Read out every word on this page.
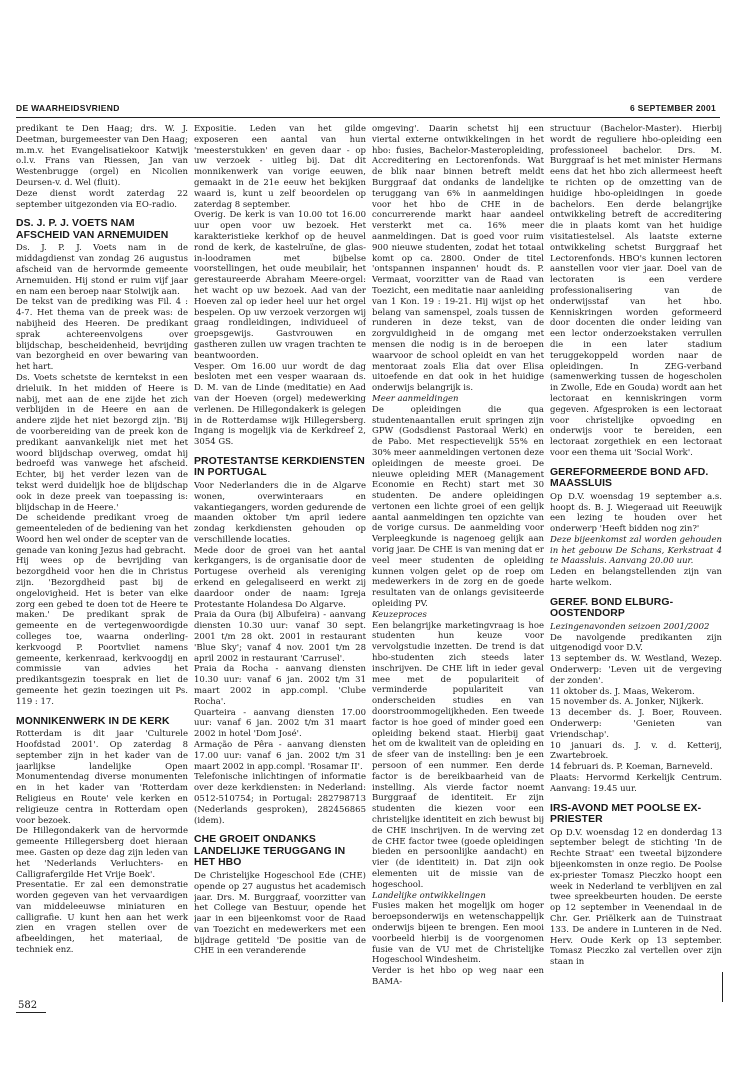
DE WAARHEIDSVRIEND	6 SEPTEMBER 2001

predikant te Den Haag; drs. W. J. Deetman, burgemeester van Den Haag; m.m.v. het Evangelisatiekoor Katwijk o.l.v. Frans van Riessen, Jan van Westenbrugge (orgel) en Nicolien Deursen-v. d. Wel (fluit).

Deze dienst wordt zaterdag 22 september uitgezonden via EO-radio.

DS. J. P. J. VOETS NAM AFSCHEID VAN ARNEMUIDEN

Ds. J. P. J. Voets nam in de middagdienst van zondag 26 augustus afscheid van de hervormde gemeente Arnemuiden. Hij stond er ruim vijf jaar en nam een beroep naar Stolwijk aan.

De tekst van de prediking was Fil. 4 : 4-7. Het thema van de preek was: de nabijheid des Heeren. De predikant sprak achtereenvolgens over blijdschap, bescheidenheid, bevrijding van bezorgheid en over bewaring van het hart.

Ds. Voets schetste de kerntekst in een drieluik. In het midden of Heere is nabij, met aan de ene zijde het zich verblijden in de Heere en aan de andere zijde het niet bezorgd zijn. 'Bij de voorbereiding van de preek kon de predikant aanvankelijk niet met het woord blijdschap overweg, omdat hij bedroefd was vanwege het afscheid. Echter, bij het verder lezen van de tekst werd duidelijk hoe de blijdschap ook in deze preek van toepassing is: blijdschap in de Heere.'

De scheidende predikant vroeg de gemeenteleden of de bediening van het Woord hen wel onder de scepter van de genade van koning Jezus had gebracht.

Hij wees op de bevrijding van bezorgdheid voor hen die in Christus zijn. 'Bezorgdheid past bij de ongelovigheid. Het is beter van elke zorg een gebed te doen tot de Heere te maken.' De predikant sprak de gemeente en de vertegenwoordigde colleges toe, waarna onderling-kerkvoogd P. Poortvliet namens gemeente, kerkenraad, kerkvoogdij en commissie van advies het predikantsgezin toesprak en liet de gemeente het gezin toezingen uit Ps. 119 : 17.

MONNIKENWERK IN DE KERK

Rotterdam is dit jaar 'Culturele Hoofdstad 2001'. Op zaterdag 8 september zijn in het kader van de jaarlijkse landelijke Open Monumentendag diverse monumenten en in het kader van 'Rotterdam Religieus en Route' vele kerken en religieuze centra in Rotterdam open voor bezoek.

De Hillegondakerk van de hervormde gemeente Hillegersberg doet hieraan mee. Gasten op deze dag zijn leden van het 'Nederlands Verluchters- en Calligrafergilde Het Vrije Boek'.

Presentatie. Er zal een demonstratie worden gegeven van het vervaardigen van middeleeuwse miniaturen en calligrafie. U kunt hen aan het werk zien en vragen stellen over de afbeeldingen, het materiaal, de techniek enz.

Expositie. Leden van het gilde exposeren een aantal van hun 'meesterstukken' en geven daar - op uw verzoek - uitleg bij. Dat dit monnikenwerk van vorige eeuwen, gemaakt in de 21e eeuw het bekijken waard is, kunt u zelf beoordelen op zaterdag 8 september.

Overig. De kerk is van 10.00 tot 16.00 uur open voor uw bezoek. Het karakteristieke kerkhof op de heuvel rond de kerk, de kastelruïne, de glas-in-loodramen met bijbelse voorstellingen, het oude meubilair, het gerestaureerde Abraham Meere-orgel: het wacht op uw bezoek. Aad van der Hoeven zal op ieder heel uur het orgel bespelen. Op uw verzoek verzorgen wij graag rondleidingen, individueel of groepsgewijs. Gastvrouwen en gastheren zullen uw vragen trachten te beantwoorden.

Vesper. Om 16.00 uur wordt de dag besloten met een vesper waaraan ds. D. M. van de Linde (meditatie) en Aad van der Hoeven (orgel) medewerking verlenen. De Hillegondakerk is gelegen in de Rotterdamse wijk Hillegersberg. Ingang is mogelijk via de Kerkdreef 2, 3054 GS.

PROTESTANTSE KERKDIENSTEN IN PORTUGAL

Voor Nederlanders die in de Algarve wonen, overwinteraars en vakantiegangers, worden gedurende de maanden oktober t/m april iedere zondag kerkdiensten gehouden op verschillende locaties.

Mede door de groei van het aantal kerkgangers, is de organisatie door de Portugese overheid als vereniging erkend en gelegaliseerd en werkt zij daardoor onder de naam: Igreja Protestante Holandesa Do Algarve.

Praia da Oura (bij Albufeira) - aanvang diensten 10.30 uur: vanaf 30 sept. 2001 t/m 28 okt. 2001 in restaurant 'Blue Sky'; vanaf 4 nov. 2001 t/m 28 april 2002 in restaurant 'Carrusel'.

Praia da Rocha - aanvang diensten 10.30 uur: vanaf 6 jan. 2002 t/m 31 maart 2002 in app.compl. 'Clube Rocha'.

Quarteira - aanvang diensten 17.00 uur: vanaf 6 jan. 2002 t/m 31 maart 2002 in hotel 'Dom José'.

Armação de Pêra - aanvang diensten 17.00 uur: vanaf 6 jan. 2002 t/m 31 maart 2002 in app.compl. 'Rosamar II'.

Telefonische inlichtingen of informatie over deze kerkdiensten: in Nederland: 0512-510754; in Portugal: 282798713 (Nederlands gesproken), 282456865 (idem).

CHE GROEIT ONDANKS LANDELIJKE TERUGGANG IN HET HBO

De Christelijke Hogeschool Ede (CHE) opende op 27 augustus het academisch jaar. Drs. M. Burggraaf, voorzitter van het College van Bestuur, opende het jaar in een bijeenkomst voor de Raad van Toezicht en medewerkers met een bijdrage getiteld 'De positie van de CHE in een veranderende

omgeving'. Daarin schetst hij een viertal externe ontwikkelingen in het hbo: fusies, Bachelor-Masteropleiding, Accreditering en Lectorenfonds. Wat de blik naar binnen betreft meldt Burggraaf dat ondanks de landelijke teruggang van 6% in aanmeldingen voor het hbo de CHE in de concurrerende markt haar aandeel versterkt met ca. 16% meer aanmeldingen. Dat is goed voor ruim 900 nieuwe studenten, zodat het totaal komt op ca. 2800. Onder de titel 'ontspannen inspannen' houdt ds. P. Vermaat, voorzitter van de Raad van Toezicht, een meditatie naar aanleiding van 1 Kon. 19 : 19-21. Hij wijst op het belang van samenspel, zoals tussen de runderen in deze tekst, van de zorgvuldigheid in de omgang met mensen die nodig is in de beroepen waarvoor de school opleidt en van het mentoraat zoals Elia dat over Elisa uitoefende en dat ook in het huidige onderwijs belangrijk is.

Meer aanmeldingen

De opleidingen die qua studentenaantallen eruit springen zijn GPW (Godsdienst Pastoraal Werk) en de Pabo. Met respectievelijk 55% en 30% meer aanmeldingen vertonen deze opleidingen de meeste groei. De nieuwe opleiding MER (Management Economie en Recht) start met 30 studenten. De andere opleidingen vertonen een lichte groei of een gelijk aantal aanmeldingen ten opzichte van de vorige cursus. De aanmelding voor Verpleegkunde is nagenoeg gelijk aan vorig jaar. De CHE is van mening dat er veel meer studenten de opleiding kunnen volgen gelet op de roep om medewerkers in de zorg en de goede resultaten van de onlangs gevisiteerde opleiding PV.

Keuzeproces

Een belangrijke marketingvraag is hoe studenten hun keuze voor vervolgstudie inzetten. De trend is dat hbo-studenten zich steeds later inschrijven. De CHE lift in ieder geval mee met de populariteit of verminderde populariteit van onderscheiden studies en van doorstroommogelijkheden. Een tweede factor is hoe goed of minder goed een opleiding bekend staat. Hierbij gaat het om de kwaliteit van de opleiding en de sfeer van de instelling: ben je een persoon of een nummer. Een derde factor is de bereikbaarheid van de instelling. Als vierde factor noemt Burggraaf de identiteit. Er zijn studenten die kiezen voor een christelijke identiteit en zich bewust bij de CHE inschrijven. In de werving zet de CHE factor twee (goede opleidingen bieden en persoonlijke aandacht) en vier (de identiteit) in. Dat zijn ook elementen uit de missie van de hogeschool.

Landelijke ontwikkelingen

Fusies maken het mogelijk om hoger beroepsonderwijs en wetenschappelijk onderwijs bijeen te brengen. Een mooi voorbeeld hierbij is de voorgenomen fusie van de VU met de Christelijke Hogeschool Windesheim.

Verder is het hbo op weg naar een BAMA-

structuur (Bachelor-Master). Hierbij wordt de reguliere hbo-opleiding een professioneel bachelor. Drs. M. Burggraaf is het met minister Hermans eens dat het hbo zich allermeest heeft te richten op de omzetting van de huidige hbo-opleidingen in goede bachelors. Een derde belangrijke ontwikkeling betreft de accreditering die in plaats komt van het huidige visitatiestelsel. Als laatste externe ontwikkeling schetst Burggraaf het Lectorenfonds. HBO's kunnen lectoren aanstellen voor vier jaar. Doel van de lectoraten is een verdere professionalisering van de onderwijsstaf van het hbo. Kenniskringen worden geformeerd door docenten die onder leiding van een lector onderzoekstaken verrullen die in een later stadium teruggekoppeld worden naar de opleidingen. In ZEG-verband (samenwerking tussen de hogescholen in Zwolle, Ede en Gouda) wordt aan het lectoraat en kenniskringen vorm gegeven. Afgesproken is een lectoraat voor christelijke opvoeding en onderwijs voor te bereiden, een lectoraat zorgethiek en een lectoraat voor een thema uit 'Social Work'.

GEREFORMEERDE BOND AFD. MAASSLUIS

Op D.V. woensdag 19 september a.s. hoopt ds. B. J. Wiegeraad uit Reeuwijk een lezing te houden over het onderwerp 'Heeft bidden nog zin?'

Deze bijeenkomst zal worden gehouden in het gebouw De Schans, Kerkstraat 4 te Maassluis. Aanvang 20.00 uur.

Leden en belangstellenden zijn van harte welkom.

GEREF. BOND ELBURG-OOSTENDORP

Lezingenavonden seizoen 2001/2002

De navolgende predikanten zijn uitgenodigd voor D.V.

13 september ds. W. Westland, Wezep. Onderwerp: 'Leven uit de vergeving der zonden'.

11 oktober ds. J. Maas, Wekerom.

15 november ds. A. Jonker, Nijkerk.

13 december ds. J. Boer, Rouveen. Onderwerp: 'Genieten van Vriendschap'.

10 januari ds. J. v. d. Ketterij, Zwartebroek.

14 februari ds. P. Koeman, Barneveld.

Plaats: Hervormd Kerkelijk Centrum. Aanvang: 19.45 uur.

IRS-AVOND MET POOLSE EX-PRIESTER

Op D.V. woensdag 12 en donderdag 13 september belegt de stichting 'In de Rechte Straat' een tweetal bijzondere bijeenkomsten in onze regio. De Poolse ex-priester Tomasz Pieczko hoopt een week in Nederland te verblijven en zal twee spreekbeurten houden. De eerste op 12 september in Veenendaal in de Chr. Ger. Priëlkerk aan de Tuinstraat 133. De andere in Lunteren in de Ned. Herv. Oude Kerk op 13 september. Tomasz Pieczko zal vertellen over zijn staan in

582
